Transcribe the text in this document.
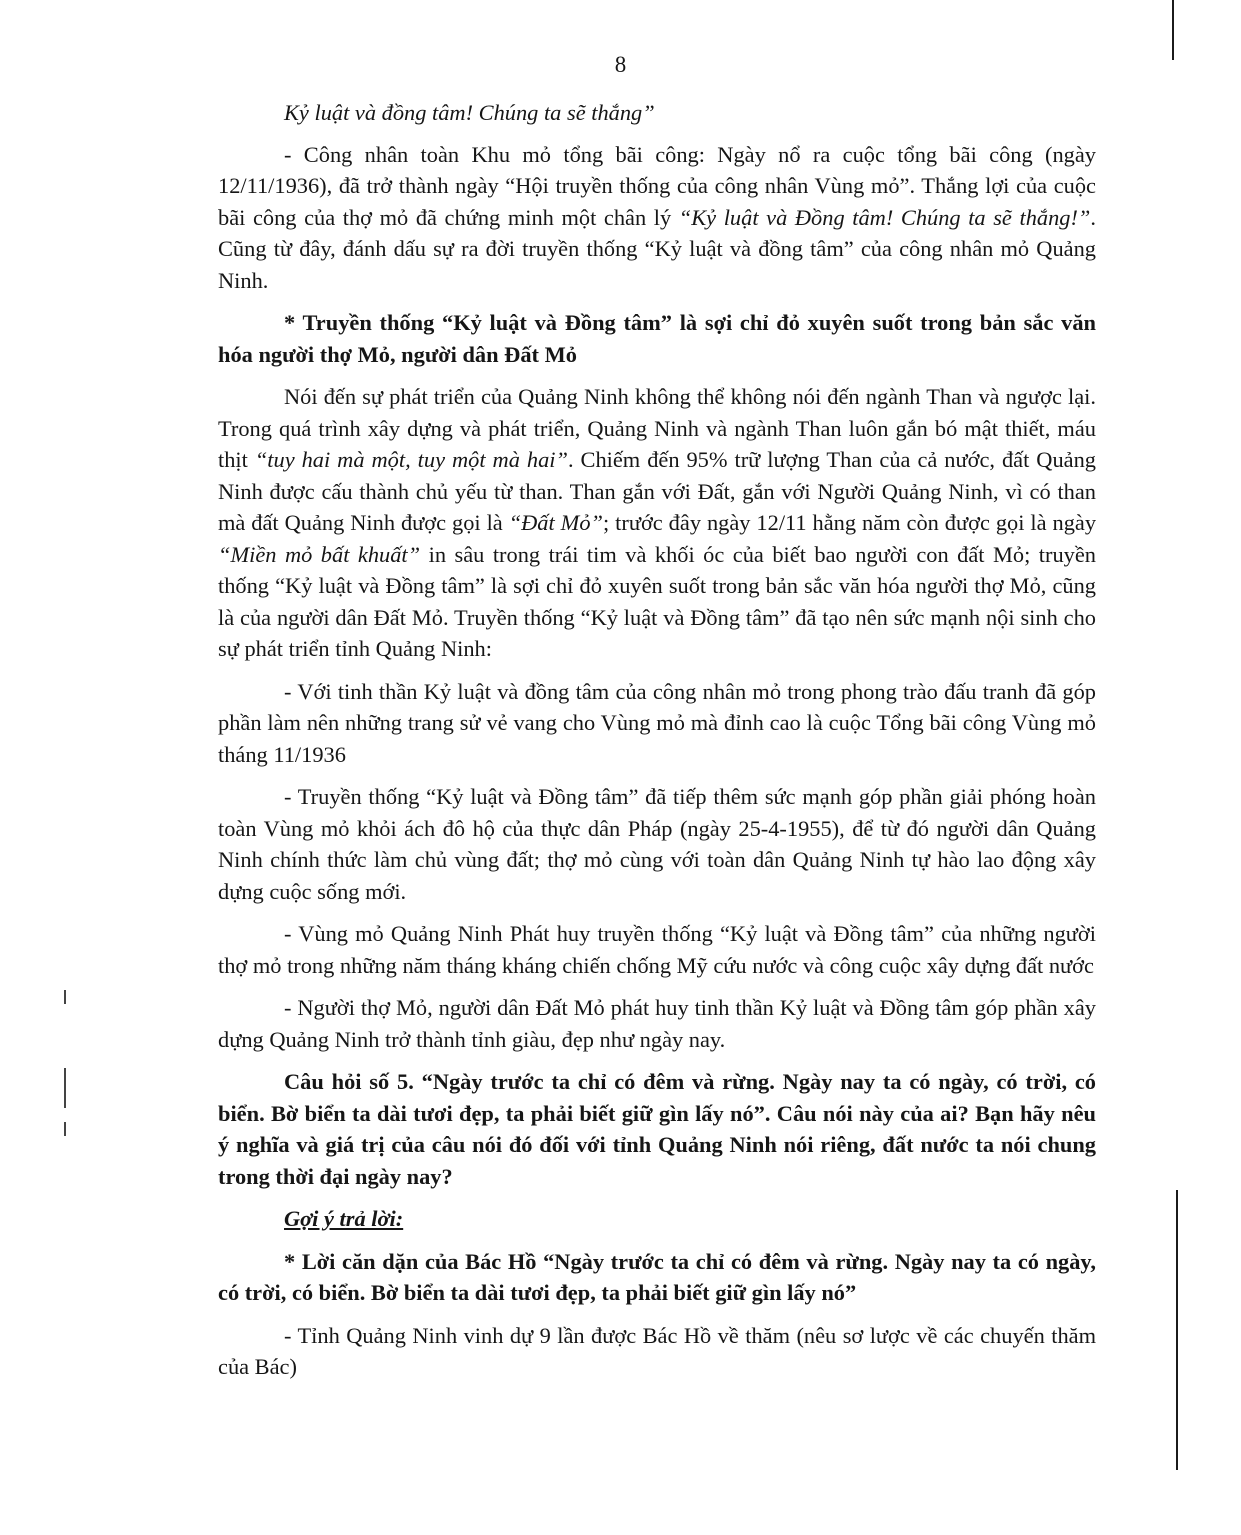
8

Kỷ luật và đồng tâm! Chúng ta sẽ thắng”

- Công nhân toàn Khu mỏ tổng bãi công: Ngày nổ ra cuộc tổng bãi công (ngày 12/11/1936), đã trở thành ngày “Hội truyền thống của công nhân Vùng mỏ”. Thắng lợi của cuộc bãi công của thợ mỏ đã chứng minh một chân lý “Kỷ luật và Đồng tâm! Chúng ta sẽ thắng!”. Cũng từ đây, đánh dấu sự ra đời truyền thống “Kỷ luật và đồng tâm” của công nhân mỏ Quảng Ninh.

* Truyền thống “Kỷ luật và Đồng tâm” là sợi chỉ đỏ xuyên suốt trong bản sắc văn hóa người thợ Mỏ, người dân Đất Mỏ

Nói đến sự phát triển của Quảng Ninh không thể không nói đến ngành Than và ngược lại. Trong quá trình xây dựng và phát triển, Quảng Ninh và ngành Than luôn gắn bó mật thiết, máu thịt “tuy hai mà một, tuy một mà hai”. Chiếm đến 95% trữ lượng Than của cả nước, đất Quảng Ninh được cấu thành chủ yếu từ than. Than gắn với Đất, gắn với Người Quảng Ninh, vì có than mà đất Quảng Ninh được gọi là “Đất Mỏ”; trước đây ngày 12/11 hằng năm còn được gọi là ngày “Miền mỏ bất khuất” in sâu trong trái tim và khối óc của biết bao người con đất Mỏ; truyền thống “Kỷ luật và Đồng tâm” là sợi chỉ đỏ xuyên suốt trong bản sắc văn hóa người thợ Mỏ, cũng là của người dân Đất Mỏ. Truyền thống “Kỷ luật và Đồng tâm” đã tạo nên sức mạnh nội sinh cho sự phát triển tỉnh Quảng Ninh:

- Với tinh thần Kỷ luật và đồng tâm của công nhân mỏ trong phong trào đấu tranh đã góp phần làm nên những trang sử vẻ vang cho Vùng mỏ mà đỉnh cao là cuộc Tổng bãi công Vùng mỏ tháng 11/1936

- Truyền thống “Kỷ luật và Đồng tâm” đã tiếp thêm sức mạnh góp phần giải phóng hoàn toàn Vùng mỏ khỏi ách đô hộ của thực dân Pháp (ngày 25-4-1955), để từ đó người dân Quảng Ninh chính thức làm chủ vùng đất; thợ mỏ cùng với toàn dân Quảng Ninh tự hào lao động xây dựng cuộc sống mới.

- Vùng mỏ Quảng Ninh Phát huy truyền thống “Kỷ luật và Đồng tâm” của những người thợ mỏ trong những năm tháng kháng chiến chống Mỹ cứu nước và công cuộc xây dựng đất nước

- Người thợ Mỏ, người dân Đất Mỏ phát huy tinh thần Kỷ luật và Đồng tâm góp phần xây dựng Quảng Ninh trở thành tỉnh giàu, đẹp như ngày nay.

Câu hỏi số 5. “Ngày trước ta chỉ có đêm và rừng. Ngày nay ta có ngày, có trời, có biển. Bờ biển ta dài tươi đẹp, ta phải biết giữ gìn lấy nó”. Câu nói này của ai? Bạn hãy nêu ý nghĩa và giá trị của câu nói đó đối với tỉnh Quảng Ninh nói riêng, đất nước ta nói chung trong thời đại ngày nay?

Gợi ý trả lời:

* Lời căn dặn của Bác Hồ “Ngày trước ta chỉ có đêm và rừng. Ngày nay ta có ngày, có trời, có biển. Bờ biển ta dài tươi đẹp, ta phải biết giữ gìn lấy nó”

- Tỉnh Quảng Ninh vinh dự 9 lần được Bác Hồ về thăm (nêu sơ lược về các chuyến thăm của Bác)
